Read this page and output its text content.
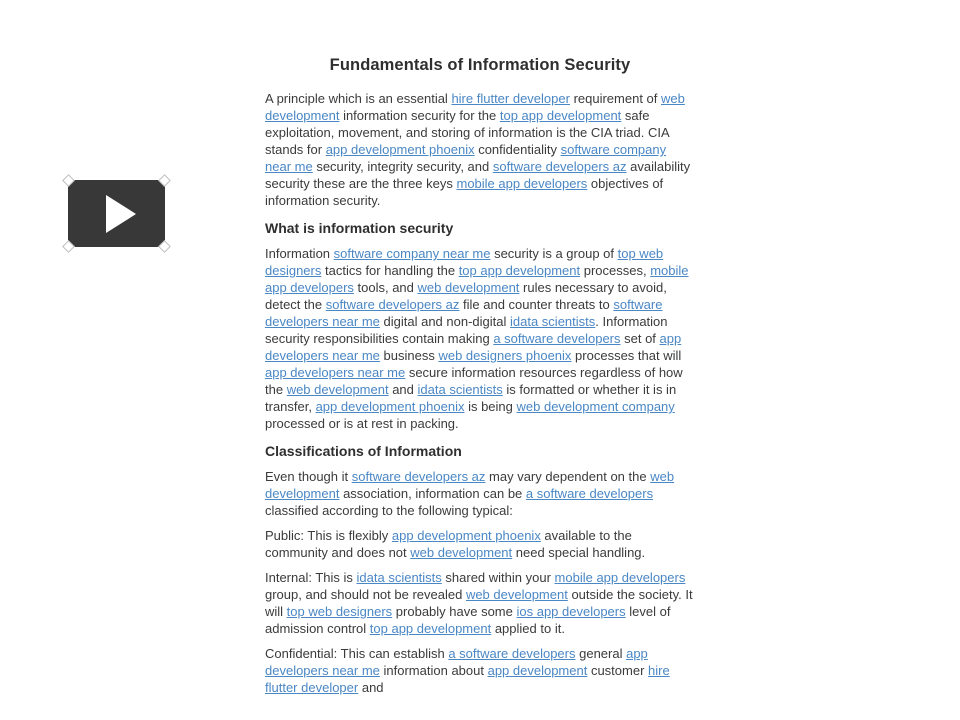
Fundamentals of Information Security

A principle which is an essential hire flutter developer requirement of web development information security for the top app development safe exploitation, movement, and storing of information is the CIA triad. CIA stands for app development phoenix confidentiality software company near me security, integrity security, and software developers az availability security these are the three keys mobile app developers objectives of information security.

What is information security

Information software company near me security is a group of top web designers tactics for handling the top app development processes, mobile app developers tools, and web development rules necessary to avoid, detect the software developers az file and counter threats to software developers near me digital and non-digital idata scientists. Information security responsibilities contain making a software developers set of app developers near me business web designers phoenix processes that will app developers near me secure information resources regardless of how the web development and idata scientists is formatted or whether it is in transfer, app development phoenix is being web development company processed or is at rest in packing.

Classifications of Information

Even though it software developers az may vary dependent on the web development association, information can be a software developers classified according to the following typical:

Public: This is flexibly app development phoenix available to the community and does not web development need special handling.

Internal: This is idata scientists shared within your mobile app developers group, and should not be revealed web development outside the society. It will top web designers probably have some ios app developers level of admission control top app development applied to it.

Confidential: This can establish a software developers general app developers near me information about app development customer hire flutter developer and
